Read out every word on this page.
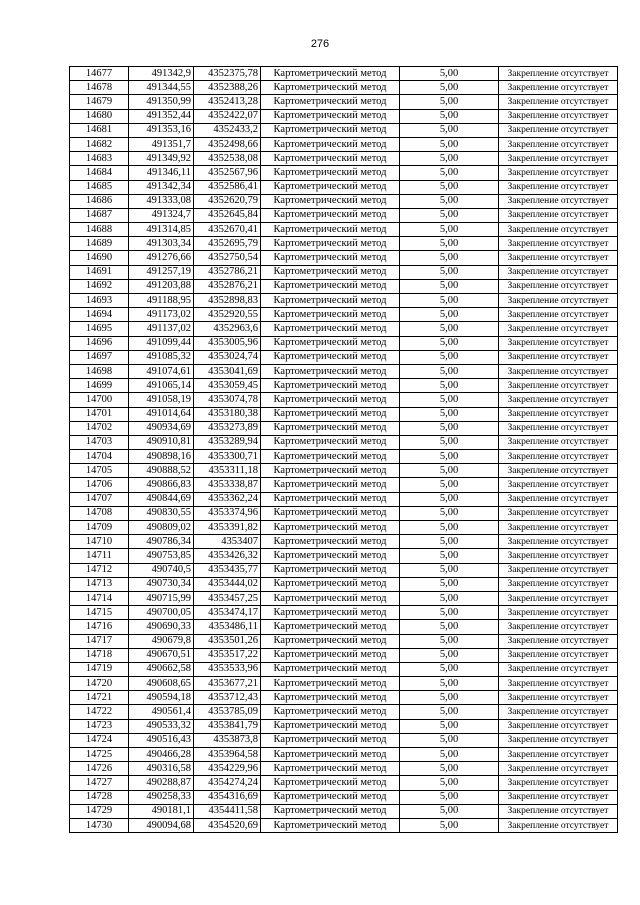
276
14677	491342,9	4352375,78	Картометрический метод	5,00	Закрепление отсутствует
14678	491344,55	4352388,26	Картометрический метод	5,00	Закрепление отсутствует
14679	491350,99	4352413,28	Картометрический метод	5,00	Закрепление отсутствует
14680	491352,44	4352422,07	Картометрический метод	5,00	Закрепление отсутствует
14681	491353,16	4352433,2	Картометрический метод	5,00	Закрепление отсутствует
14682	491351,7	4352498,66	Картометрический метод	5,00	Закрепление отсутствует
14683	491349,92	4352538,08	Картометрический метод	5,00	Закрепление отсутствует
14684	491346,11	4352567,96	Картометрический метод	5,00	Закрепление отсутствует
14685	491342,34	4352586,41	Картометрический метод	5,00	Закрепление отсутствует
14686	491333,08	4352620,79	Картометрический метод	5,00	Закрепление отсутствует
14687	491324,7	4352645,84	Картометрический метод	5,00	Закрепление отсутствует
14688	491314,85	4352670,41	Картометрический метод	5,00	Закрепление отсутствует
14689	491303,34	4352695,79	Картометрический метод	5,00	Закрепление отсутствует
14690	491276,66	4352750,54	Картометрический метод	5,00	Закрепление отсутствует
14691	491257,19	4352786,21	Картометрический метод	5,00	Закрепление отсутствует
14692	491203,88	4352876,21	Картометрический метод	5,00	Закрепление отсутствует
14693	491188,95	4352898,83	Картометрический метод	5,00	Закрепление отсутствует
14694	491173,02	4352920,55	Картометрический метод	5,00	Закрепление отсутствует
14695	491137,02	4352963,6	Картометрический метод	5,00	Закрепление отсутствует
14696	491099,44	4353005,96	Картометрический метод	5,00	Закрепление отсутствует
14697	491085,32	4353024,74	Картометрический метод	5,00	Закрепление отсутствует
14698	491074,61	4353041,69	Картометрический метод	5,00	Закрепление отсутствует
14699	491065,14	4353059,45	Картометрический метод	5,00	Закрепление отсутствует
14700	491058,19	4353074,78	Картометрический метод	5,00	Закрепление отсутствует
14701	491014,64	4353180,38	Картометрический метод	5,00	Закрепление отсутствует
14702	490934,69	4353273,89	Картометрический метод	5,00	Закрепление отсутствует
14703	490910,81	4353289,94	Картометрический метод	5,00	Закрепление отсутствует
14704	490898,16	4353300,71	Картометрический метод	5,00	Закрепление отсутствует
14705	490888,52	4353311,18	Картометрический метод	5,00	Закрепление отсутствует
14706	490866,83	4353338,87	Картометрический метод	5,00	Закрепление отсутствует
14707	490844,69	4353362,24	Картометрический метод	5,00	Закрепление отсутствует
14708	490830,55	4353374,96	Картометрический метод	5,00	Закрепление отсутствует
14709	490809,02	4353391,82	Картометрический метод	5,00	Закрепление отсутствует
14710	490786,34	4353407	Картометрический метод	5,00	Закрепление отсутствует
14711	490753,85	4353426,32	Картометрический метод	5,00	Закрепление отсутствует
14712	490740,5	4353435,77	Картометрический метод	5,00	Закрепление отсутствует
14713	490730,34	4353444,02	Картометрический метод	5,00	Закрепление отсутствует
14714	490715,99	4353457,25	Картометрический метод	5,00	Закрепление отсутствует
14715	490700,05	4353474,17	Картометрический метод	5,00	Закрепление отсутствует
14716	490690,33	4353486,11	Картометрический метод	5,00	Закрепление отсутствует
14717	490679,8	4353501,26	Картометрический метод	5,00	Закрепление отсутствует
14718	490670,51	4353517,22	Картометрический метод	5,00	Закрепление отсутствует
14719	490662,58	4353533,96	Картометрический метод	5,00	Закрепление отсутствует
14720	490608,65	4353677,21	Картометрический метод	5,00	Закрепление отсутствует
14721	490594,18	4353712,43	Картометрический метод	5,00	Закрепление отсутствует
14722	490561,4	4353785,09	Картометрический метод	5,00	Закрепление отсутствует
14723	490533,32	4353841,79	Картометрический метод	5,00	Закрепление отсутствует
14724	490516,43	4353873,8	Картометрический метод	5,00	Закрепление отсутствует
14725	490466,28	4353964,58	Картометрический метод	5,00	Закрепление отсутствует
14726	490316,58	4354229,96	Картометрический метод	5,00	Закрепление отсутствует
14727	490288,87	4354274,24	Картометрический метод	5,00	Закрепление отсутствует
14728	490258,33	4354316,69	Картометрический метод	5,00	Закрепление отсутствует
14729	490181,1	4354411,58	Картометрический метод	5,00	Закрепление отсутствует
14730	490094,68	4354520,69	Картометрический метод	5,00	Закрепление отсутствует
